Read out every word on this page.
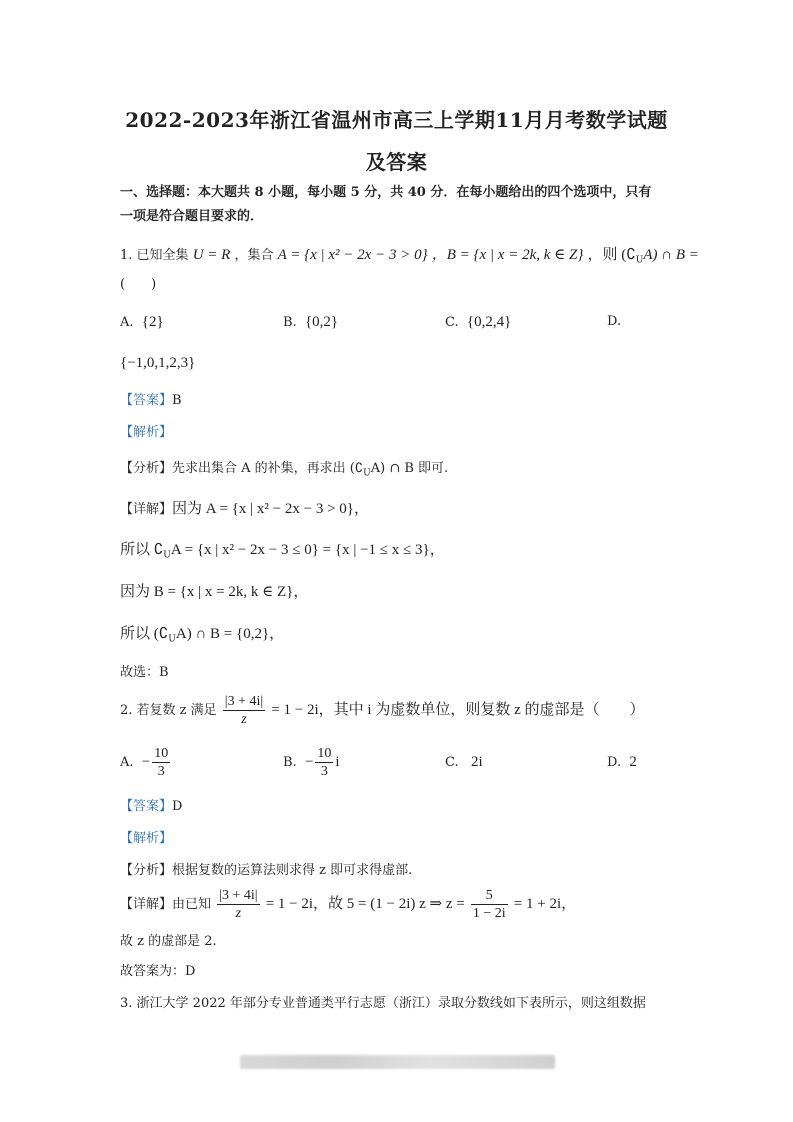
2022-2023年浙江省温州市高三上学期11月月考数学试题
及答案
一、选择题：本大题共 8 小题，每小题 5 分，共 40 分．在每小题给出的四个选项中，只有
一项是符合题目要求的．
1. 已知全集 U = R ，集合 A = {x | x² − 2x − 3 > 0} ，B = {x | x = 2k, k ∈ Z} ，则 $(∁_UA)$ ∩ B =
(　　)
A. {2}	B. {0,2}	C. {0,2,4}	D.
{−1,0,1,2,3}
【答案】B
【解析】
【分析】先求出集合 A 的补集，再求出 $(∁_UA)$ ∩ B 即可.
【详解】因为 A = {x | x² − 2x − 3 > 0}，
所以 $∁_UA = \{x$ | x² − 2x − 3 ≤ 0} = {x | −1 ≤ x ≤ 3}，
因为 B = {x | x = 2k, k ∈ Z}，
所以 $(∁_UA)$ ∩ B = {0,2}，
故选：B
2. 若复数 z 满足 $\frac{|3 + 4i|}{z} = 1 - 2i$，其中 i 为虚数单位，则复数 z 的虚部是（　　）
A. − $\frac{10}{3}$	B. − $\frac{10}{3}$ i	C. 2i	D. 2
【答案】D
【解析】
【分析】根据复数的运算法则求得 z 即可求得虚部.
【详解】由已知 $\frac{|3 + 4i|}{z} = 1 - 2i$，故 5 = (1 − 2i) z ⇒ $z = \frac{5}{1 - 2i} = 1 + 2i$，
故 z 的虚部是 2.
故答案为：D
3. 浙江大学 2022 年部分专业普通类平行志愿（浙江）录取分数线如下表所示，则这组数据
